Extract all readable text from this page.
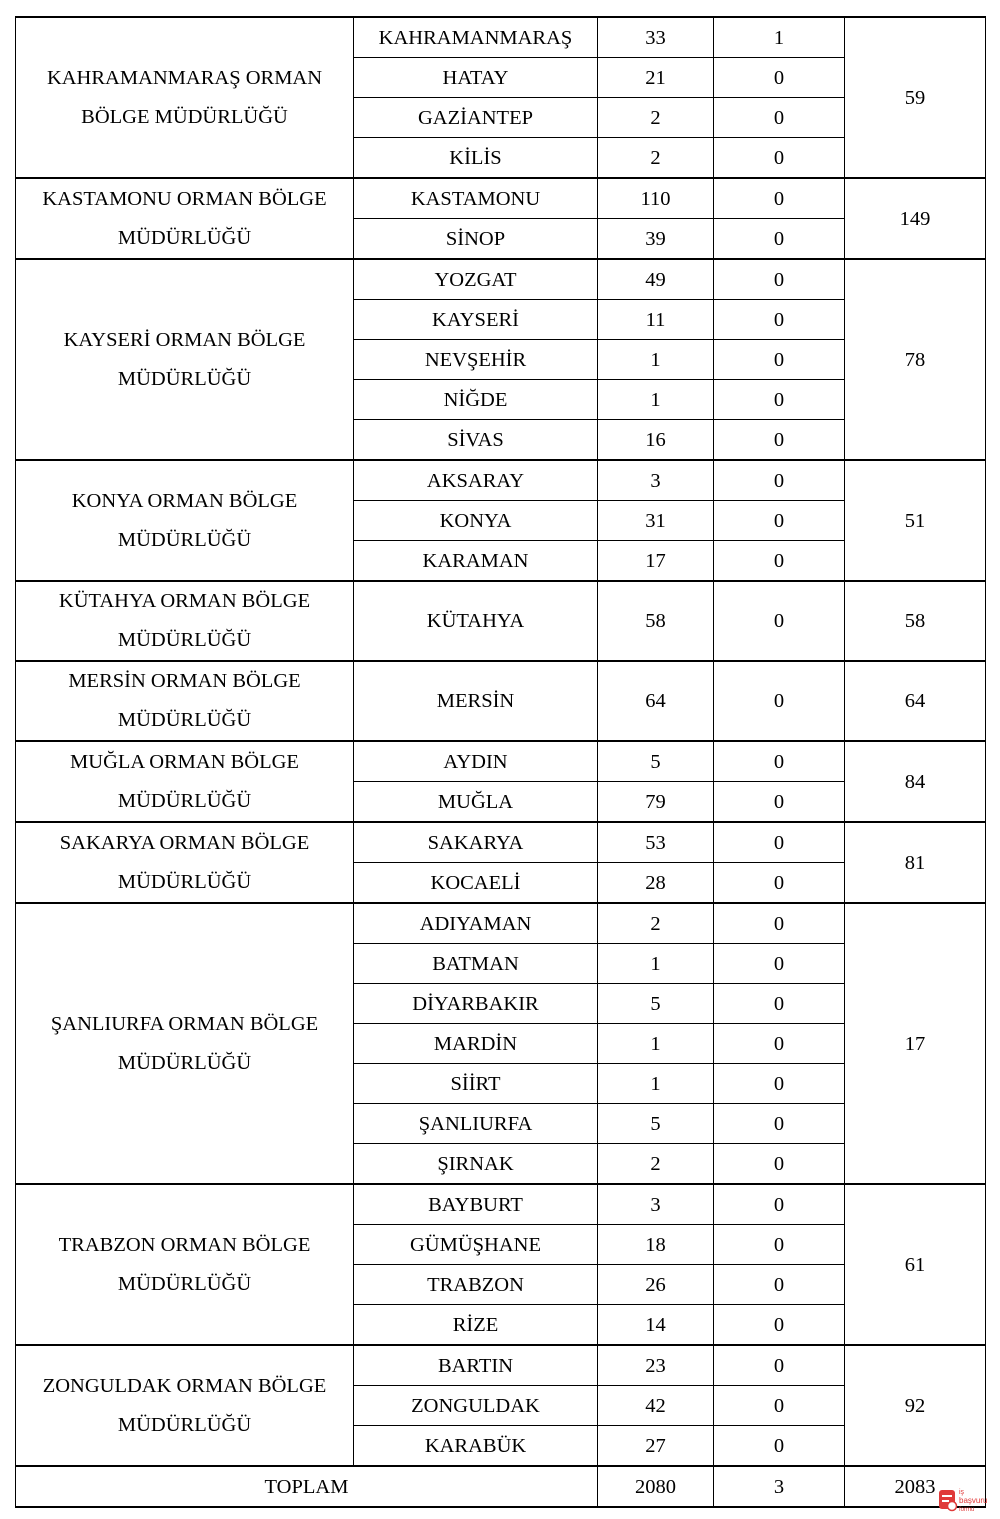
KAHRAMANMARAŞ ORMAN BÖLGE MÜDÜRLÜĞÜ	KAHRAMANMARAŞ	33	1	59
	HATAY	21	0	
	GAZİANTEP	2	0	
	KİLİS	2	0	
KASTAMONU ORMAN BÖLGE MÜDÜRLÜĞÜ	KASTAMONU	110	0	149
	SİNOP	39	0	
KAYSERİ ORMAN BÖLGE MÜDÜRLÜĞÜ	YOZGAT	49	0	78
	KAYSERİ	11	0	
	NEVŞEHİR	1	0	
	NİĞDE	1	0	
	SİVAS	16	0	
KONYA ORMAN BÖLGE MÜDÜRLÜĞÜ	AKSARAY	3	0	51
	KONYA	31	0	
	KARAMAN	17	0	
KÜTAHYA ORMAN BÖLGE MÜDÜRLÜĞÜ	KÜTAHYA	58	0	58
MERSİN ORMAN BÖLGE MÜDÜRLÜĞÜ	MERSİN	64	0	64
MUĞLA ORMAN BÖLGE MÜDÜRLÜĞÜ	AYDIN	5	0	84
	MUĞLA	79	0	
SAKARYA ORMAN BÖLGE MÜDÜRLÜĞÜ	SAKARYA	53	0	81
	KOCAELİ	28	0	
ŞANLIURFA ORMAN BÖLGE MÜDÜRLÜĞÜ	ADIYAMAN	2	0	17
	BATMAN	1	0	
	DİYARBAKIR	5	0	
	MARDİN	1	0	
	SİİRT	1	0	
	ŞANLIURFA	5	0	
	ŞIRNAK	2	0	
TRABZON ORMAN BÖLGE MÜDÜRLÜĞÜ	BAYBURT	3	0	61
	GÜMÜŞHANE	18	0	
	TRABZON	26	0	
	RİZE	14	0	
ZONGULDAK ORMAN BÖLGE MÜDÜRLÜĞÜ	BARTIN	23	0	92
	ZONGULDAK	42	0	
	KARABÜK	27	0	
TOPLAM		2080	3	2083	iş
başvuru
formu
